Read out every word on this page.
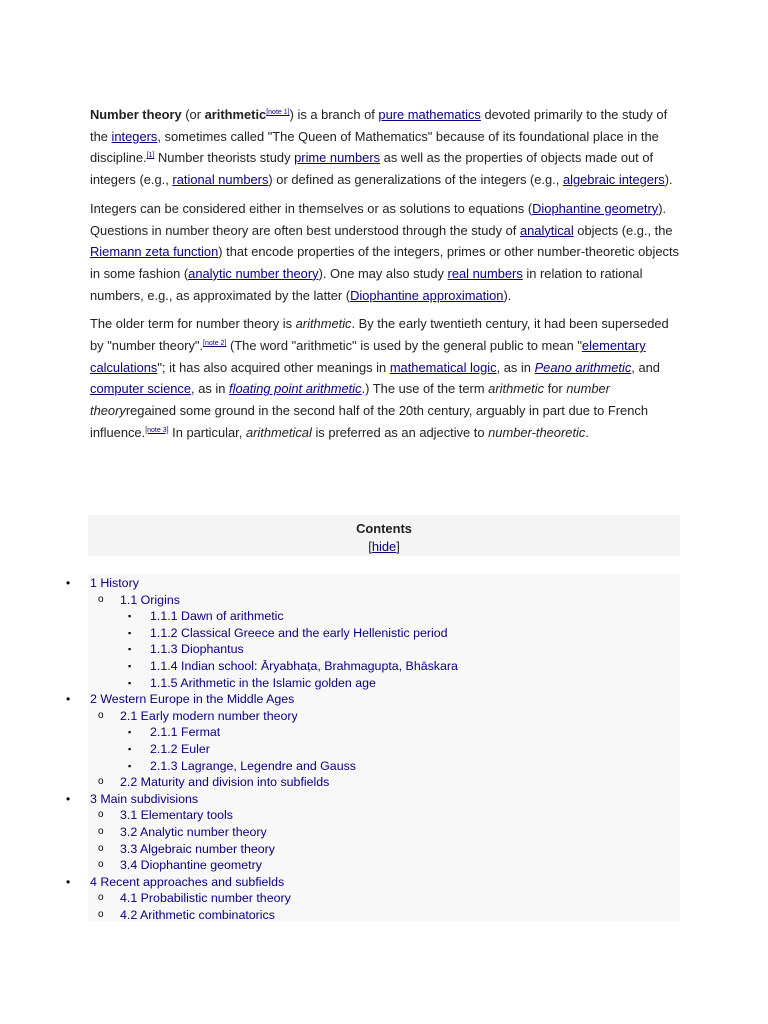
Number theory (or arithmetic[note 1]) is a branch of pure mathematics devoted primarily to the study of the integers, sometimes called "The Queen of Mathematics" because of its foundational place in the discipline.[1] Number theorists study prime numbers as well as the properties of objects made out of integers (e.g., rational numbers) or defined as generalizations of the integers (e.g., algebraic integers).

Integers can be considered either in themselves or as solutions to equations (Diophantine geometry). Questions in number theory are often best understood through the study of analytical objects (e.g., the Riemann zeta function) that encode properties of the integers, primes or other number-theoretic objects in some fashion (analytic number theory). One may also study real numbers in relation to rational numbers, e.g., as approximated by the latter (Diophantine approximation).

The older term for number theory is arithmetic. By the early twentieth century, it had been superseded by "number theory".[note 2] (The word "arithmetic" is used by the general public to mean "elementary calculations"; it has also acquired other meanings in mathematical logic, as in Peano arithmetic, and computer science, as in floating point arithmetic.) The use of the term arithmetic for number theoryregained some ground in the second half of the 20th century, arguably in part due to French influence.[note 3] In particular, arithmetical is preferred as an adjective to number-theoretic.

Contents
[hide]
• 1 History
o 1.1 Origins
▪ 1.1.1 Dawn of arithmetic
▪ 1.1.2 Classical Greece and the early Hellenistic period
▪ 1.1.3 Diophantus
▪ 1.1.4 Indian school: Āryabhaṭa, Brahmagupta, Bhāskara
▪ 1.1.5 Arithmetic in the Islamic golden age
• 2 Western Europe in the Middle Ages
o 2.1 Early modern number theory
▪ 2.1.1 Fermat
▪ 2.1.2 Euler
▪ 2.1.3 Lagrange, Legendre and Gauss
o 2.2 Maturity and division into subfields
• 3 Main subdivisions
o 3.1 Elementary tools
o 3.2 Analytic number theory
o 3.3 Algebraic number theory
o 3.4 Diophantine geometry
• 4 Recent approaches and subfields
o 4.1 Probabilistic number theory
o 4.2 Arithmetic combinatorics
